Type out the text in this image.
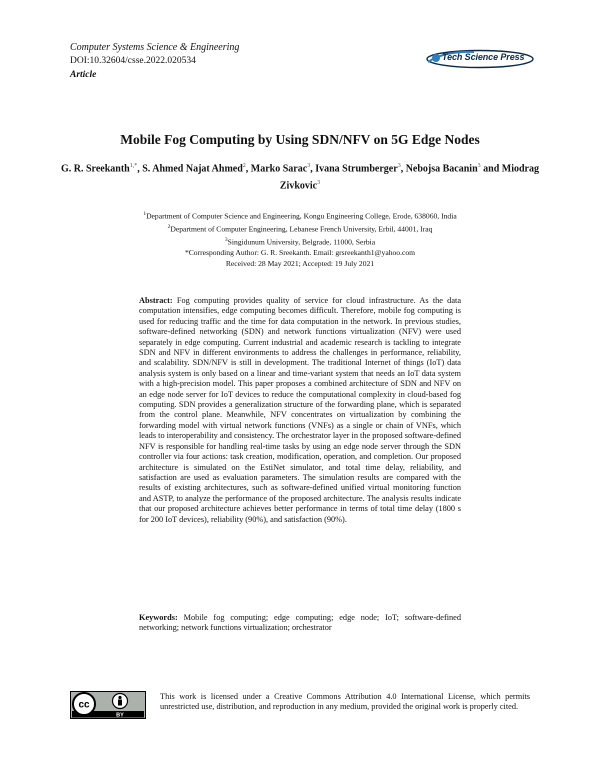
Computer Systems Science & Engineering
DOI:10.32604/csse.2022.020534
Article
Tech Science Press
Mobile Fog Computing by Using SDN/NFV on 5G Edge Nodes
G. R. Sreekanth$^{1,*}$, S. Ahmed Najat Ahmed$^2$, Marko Sarac$^3$, Ivana Strumberger$^3$, Nebojsa Bacanin$^3$ and Miodrag Zivkovic$^3$
$^1$Department of Computer Science and Engineering, Kongu Engineering College, Erode, 638060, India
$^2$Department of Computer Engineering, Lebanese French University, Erbil, 44001, Iraq
$^3$Singidunum University, Belgrade, 11000, Serbia
*Corresponding Author: G. R. Sreekanth. Email: grsreekanth1@yahoo.com
Received: 28 May 2021; Accepted: 19 July 2021
Abstract: Fog computing provides quality of service for cloud infrastructure. As the data computation intensifies, edge computing becomes difficult. Therefore, mobile fog computing is used for reducing traffic and the time for data computation in the network. In previous studies, software-defined networking (SDN) and network functions virtualization (NFV) were used separately in edge computing. Current industrial and academic research is tackling to integrate SDN and NFV in different environments to address the challenges in performance, reliability, and scalability. SDN/NFV is still in development. The traditional Internet of things (IoT) data analysis system is only based on a linear and time-variant system that needs an IoT data system with a high-precision model. This paper proposes a combined architecture of SDN and NFV on an edge node server for IoT devices to reduce the computational complexity in cloud-based fog computing. SDN provides a generalization structure of the forwarding plane, which is separated from the control plane. Meanwhile, NFV concentrates on virtualization by combining the forwarding model with virtual network functions (VNFs) as a single or chain of VNFs, which leads to interoperability and consistency. The orchestrator layer in the proposed software-defined NFV is responsible for handling real-time tasks by using an edge node server through the SDN controller via four actions: task creation, modification, operation, and completion. Our proposed architecture is simulated on the EstiNet simulator, and total time delay, reliability, and satisfaction are used as evaluation parameters. The simulation results are compared with the results of existing architectures, such as software-defined unified virtual monitoring function and ASTP, to analyze the performance of the proposed architecture. The analysis results indicate that our proposed architecture achieves better performance in terms of total time delay (1800 s for 200 IoT devices), reliability (90%), and satisfaction (90%).
Keywords: Mobile fog computing; edge computing; edge node; IoT; software-defined networking; network functions virtualization; orchestrator
cc
BY
This work is licensed under a Creative Commons Attribution 4.0 International License, which permits unrestricted use, distribution, and reproduction in any medium, provided the original work is properly cited.
